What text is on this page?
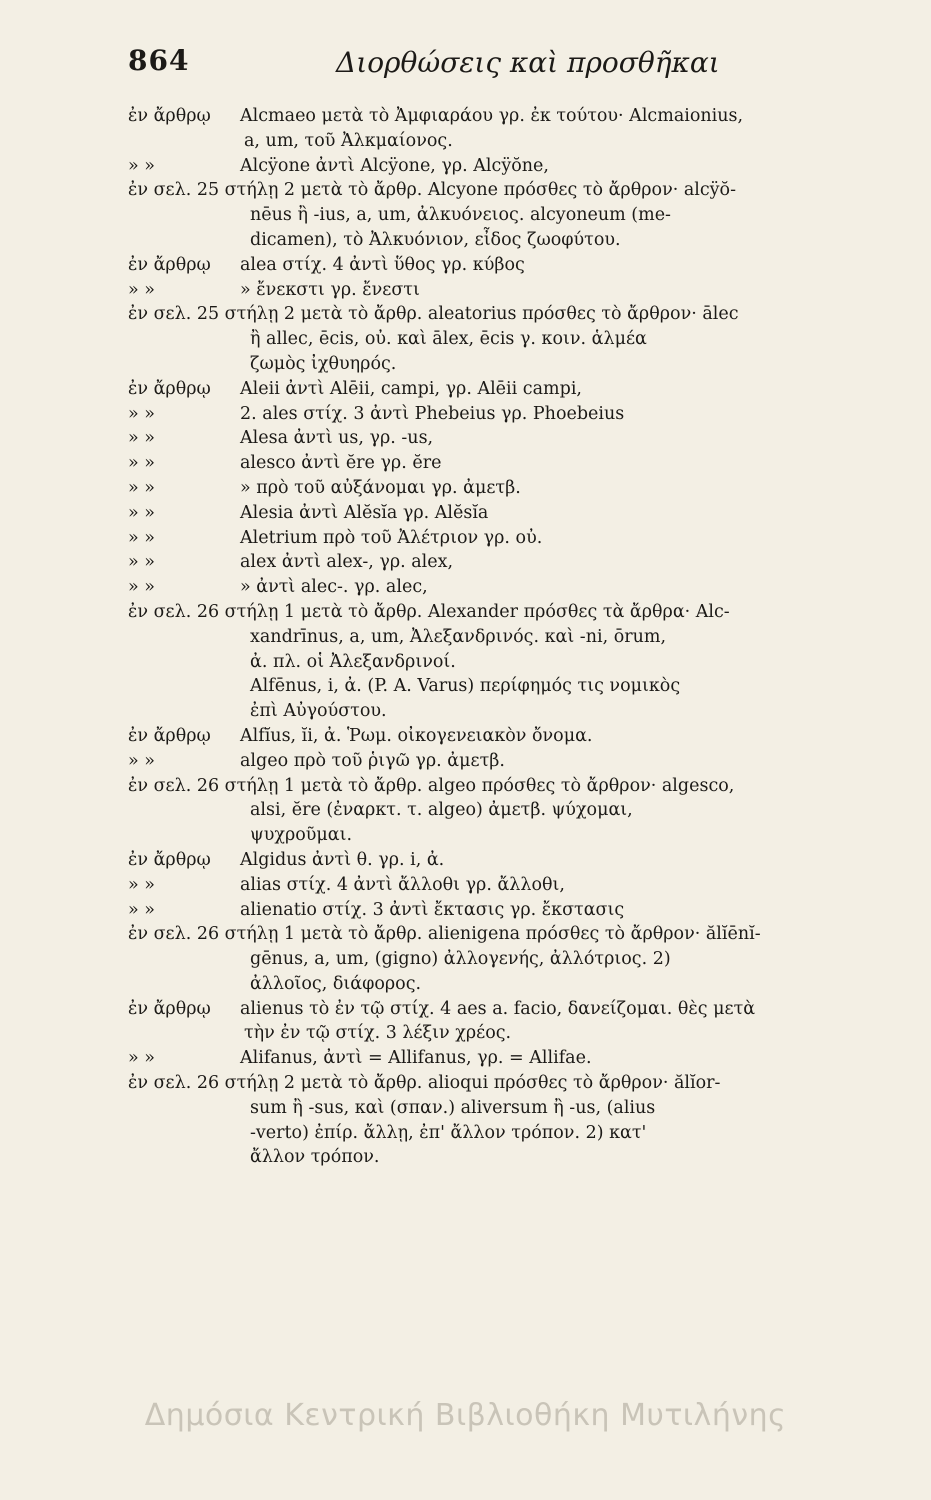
864	Διορθώσεις καὶ προσθῆκαι
ἐν ἄρθρῳ	Alcmaeo μετὰ τὸ Ἀμφιαράου γρ. ἐκ τούτου· Alcmaionius,
a, um, τοῦ Ἀλκμαίονος.
» »	Alcÿone ἀντὶ Alcÿone, γρ. Alcÿŏne,
ἐν σελ. 25 στήλῃ 2 μετὰ τὸ ἄρθρ. Alcyone πρόσθες τὸ ἄρθρον· alcÿŏ-
nēus ἢ -ius, a, um, ἀλκυόνειος. alcyoneum (me-
dicamen), τὸ Ἀλκυόνιον, εἶδος ζωοφύτου.
ἐν ἄρθρῳ	alea στίχ. 4 ἀντὶ ὕθος γρ. κύβος
» »	» ἔνεκστι γρ. ἔνεστι
ἐν σελ. 25 στήλῃ 2 μετὰ τὸ ἄρθρ. aleatorius πρόσθες τὸ ἄρθρον· ālec
ἢ allec, ēcis, οὐ. καὶ ālex, ēcis γ. κοιν. ἁλμέα
ζωμὸς ἰχθυηρός.
ἐν ἄρθρῳ	Aleii ἀντὶ Alēii, campi, γρ. Alēii campi,
» »	2. ales στίχ. 3 ἀντὶ Phebeius γρ. Phoebeius
» »	Alesa ἀντὶ us, γρ. -us,
» »	alesco ἀντὶ ĕre γρ. ĕre
» »	» πρὸ τοῦ αὐξάνομαι γρ. ἀμετβ.
» »	Alesia ἀντὶ Alĕsĭa γρ. Alĕsĭa
» »	Aletrium πρὸ τοῦ Ἀλέτριον γρ. οὐ.
» »	alex ἀντὶ alex-, γρ. alex,
» »	» ἀντὶ alec-. γρ. alec,
ἐν σελ. 26 στήλῃ 1 μετὰ τὸ ἄρθρ. Alexander πρόσθες τὰ ἄρθρα· Alc-
xandrīnus, a, um, Ἀλεξανδρινός. καὶ -ni, ōrum,
ἀ. πλ. οἱ Ἀλεξανδρινοί.
Alfēnus, i, ἀ. (P. A. Varus) περίφημός τις νομικὸς
ἐπὶ Αὐγούστου.
ἐν ἄρθρῳ	Alfĭus, ĭi, ἀ. Ῥωμ. οἰκογενειακὸν ὄνομα.
» »	algeo πρὸ τοῦ ῥιγῶ γρ. ἀμετβ.
ἐν σελ. 26 στήλῃ 1 μετὰ τὸ ἄρθρ. algeo πρόσθες τὸ ἄρθρον· algesco,
alsi, ĕre (ἐναρκτ. τ. algeo) ἀμετβ. ψύχομαι,
ψυχροῦμαι.
ἐν ἄρθρῳ	Algidus ἀντὶ θ. γρ. i, ἀ.
» »	alias στίχ. 4 ἀντὶ ἄλλοθι γρ. ἄλλοθι,
» »	alienatio στίχ. 3 ἀντὶ ἔκτασις γρ. ἔκστασις
ἐν σελ. 26 στήλῃ 1 μετὰ τὸ ἄρθρ. alienigena πρόσθες τὸ ἄρθρον· ălĭēnĭ-
gēnus, a, um, (gigno) ἀλλογενής, ἀλλότριος. 2)
ἀλλοῖος, διάφορος.
ἐν ἄρθρῳ	alienus τὸ ἐν τῷ στίχ. 4 aes a. facio, δανείζομαι. θὲς μετὰ
τὴν ἐν τῷ στίχ. 3 λέξιν χρέος.
» »	Alifanus, ἀντὶ = Allifanus, γρ. = Allifae.
ἐν σελ. 26 στήλῃ 2 μετὰ τὸ ἄρθρ. alioqui πρόσθες τὸ ἄρθρον· ălĭor-
sum ἢ -sus, καὶ (σπαν.) aliversum ἢ -us, (alius
-verto) ἐπίρ. ἄλλῃ, ἐπ' ἄλλον τρόπον. 2) κατ'
ἄλλον τρόπον.
Δημόσια Κεντρική Βιβλιοθήκη Μυτιλήνης
